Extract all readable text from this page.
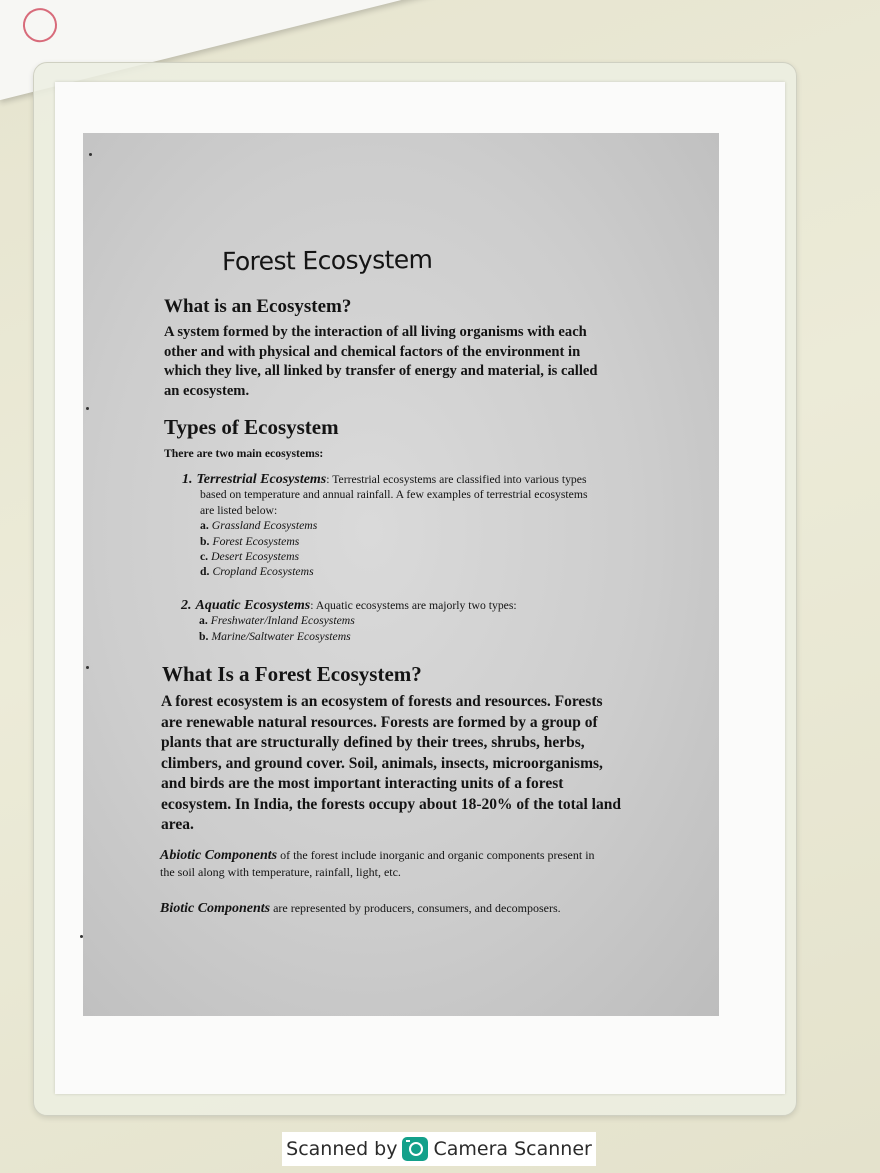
Forest Ecosystem
What is an Ecosystem?
A system formed by the interaction of all living organisms with each
other and with physical and chemical factors of the environment in
which they live, all linked by transfer of energy and material, is called
an ecosystem.
Types of Ecosystem
There are two main ecosystems:
1. Terrestrial Ecosystems: Terrestrial ecosystems are classified into various types
based on temperature and annual rainfall. A few examples of terrestrial ecosystems
are listed below:
a. Grassland Ecosystems
b. Forest Ecosystems
c. Desert Ecosystems
d. Cropland Ecosystems
2. Aquatic Ecosystems: Aquatic ecosystems are majorly two types:
a. Freshwater/Inland Ecosystems
b. Marine/Saltwater Ecosystems
What Is a Forest Ecosystem?
A forest ecosystem is an ecosystem of forests and resources. Forests
are renewable natural resources. Forests are formed by a group of
plants that are structurally defined by their trees, shrubs, herbs,
climbers, and ground cover. Soil, animals, insects, microorganisms,
and birds are the most important interacting units of a forest
ecosystem. In India, the forests occupy about 18-20% of the total land
area.
Abiotic Components of the forest include inorganic and organic components present in
the soil along with temperature, rainfall, light, etc.
Biotic Components are represented by producers, consumers, and decomposers.
Scanned by Camera Scanner
